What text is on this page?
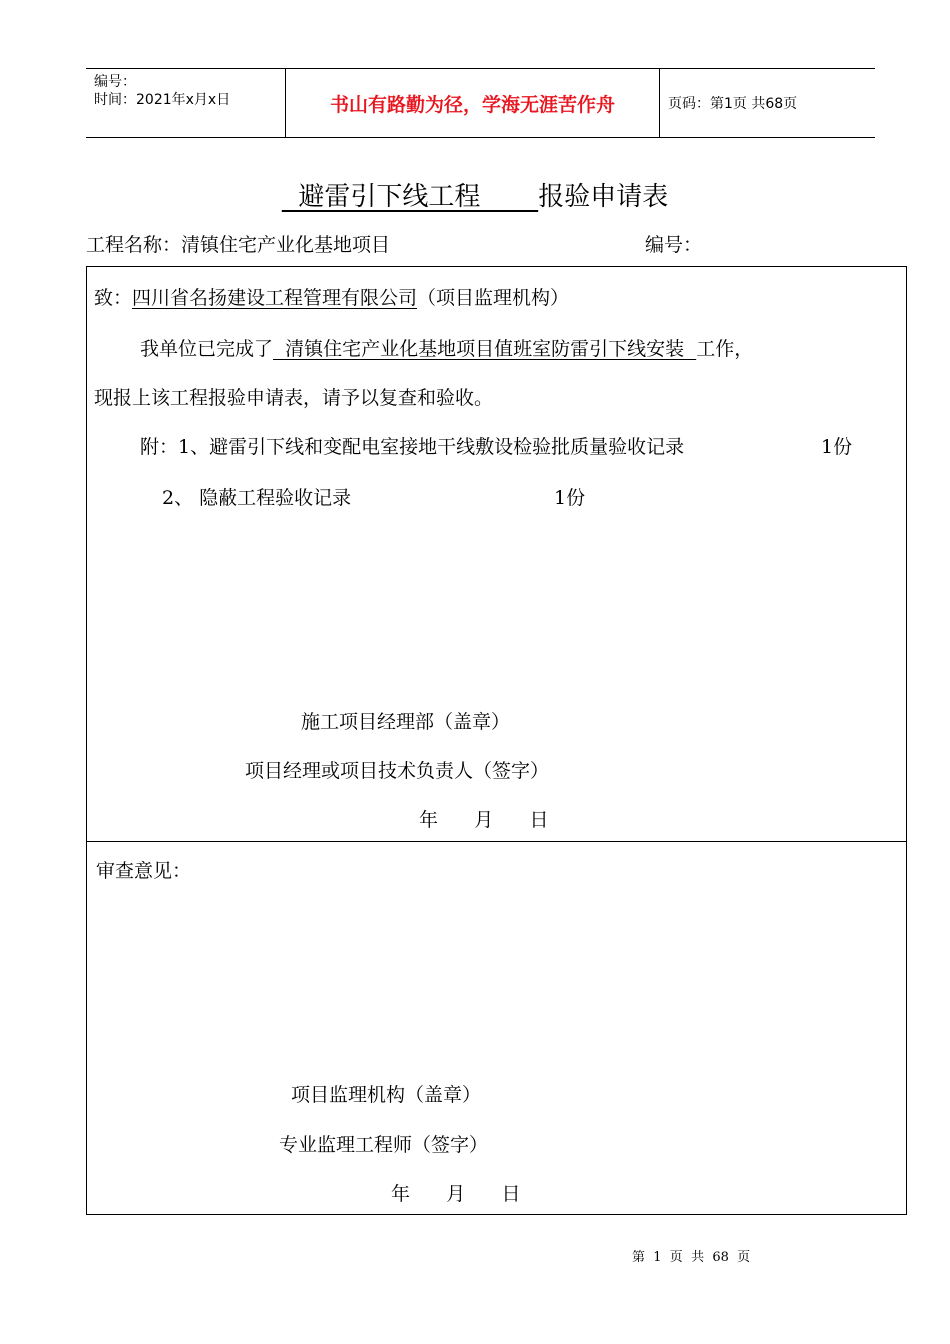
编号：
时间：2021年x月x日	书山有路勤为径，学海无涯苦作舟	页码：第1页 共68页
避雷引下线工程       报验申请表
工程名称：清镇住宅产业化基地项目	编号：
致：四川省名扬建设工程管理有限公司（项目监理机构）
我单位已完成了  清镇住宅产业化基地项目值班室防雷引下线安装  工作，
现报上该工程报验申请表，请予以复查和验收。
附：1、避雷引下线和变配电室接地干线敷设检验批质量验收记录	1份
2、 隐蔽工程验收记录	1份
施工项目经理部（盖章）
项目经理或项目技术负责人（签字）
年      月      日
审查意见：
项目监理机构（盖章）
专业监理工程师（签字）
年      月      日
第  1  页  共  68  页
